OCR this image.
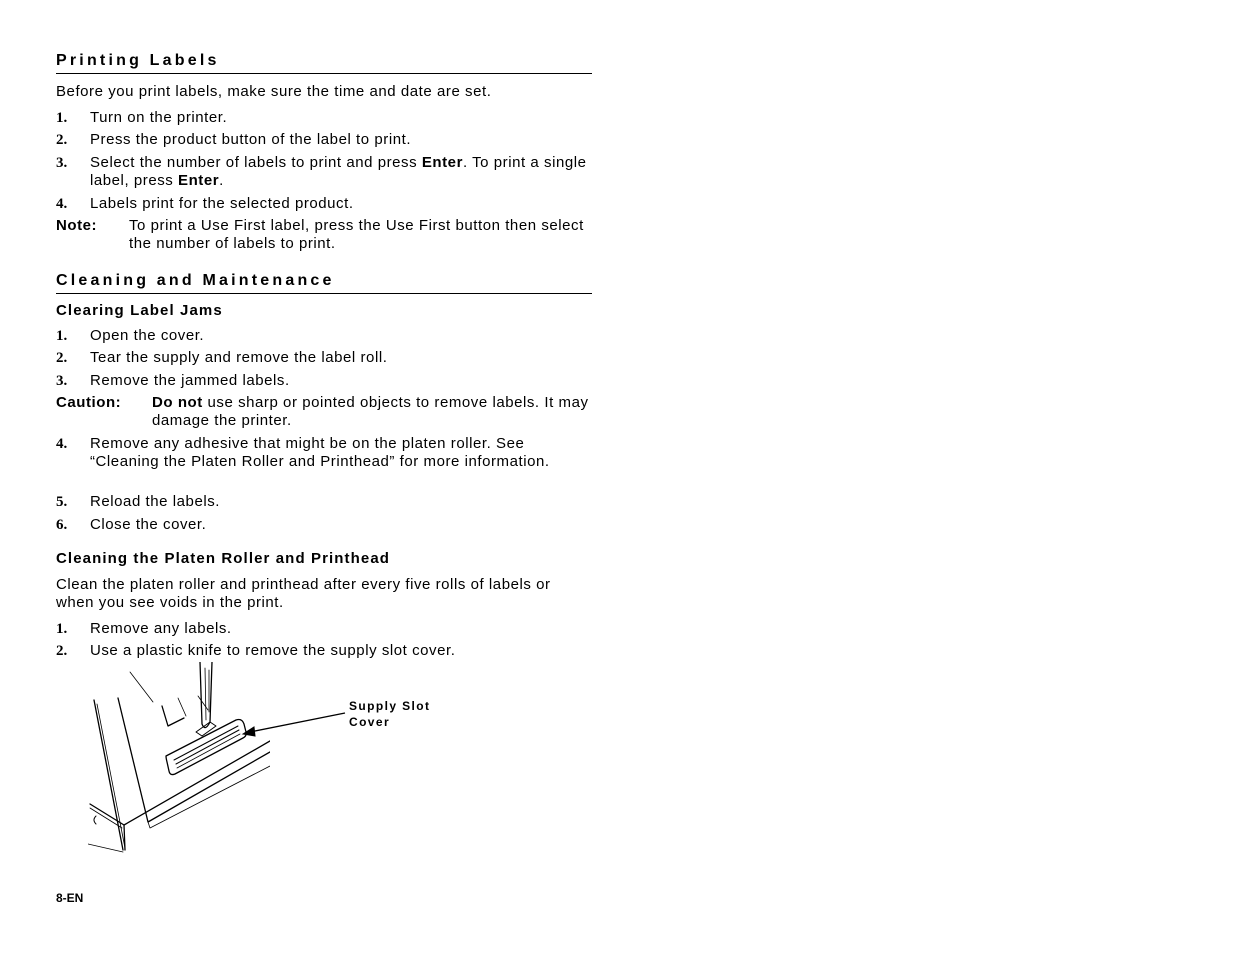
Printing Labels

Before you print labels, make sure the time and date are set.

1.	Turn on the printer.
2.	Press the product button of the label to print.
3.	Select the number of labels to print and press Enter. To print a single label, press Enter.
4.	Labels print for the selected product.
Note:	To print a Use First label, press the Use First button then select the number of labels to print.
Cleaning and Maintenance
Clearing Label Jams
1.	Open the cover.
2.	Tear the supply and remove the label roll.
3.	Remove the jammed labels.
Caution:	Do not use sharp or pointed objects to remove labels. It may damage the printer.
4.	Remove any adhesive that might be on the platen roller. See “Cleaning the Platen Roller and Printhead” for more information.
5.	Reload the labels.
6.	Close the cover.
Cleaning the Platen Roller and Printhead

Clean the platen roller and printhead after every five rolls of labels or when you see voids in the print.

1.	Remove any labels.
2.	Use a plastic knife to remove the supply slot cover.
Supply Slot
Cover
8-EN
